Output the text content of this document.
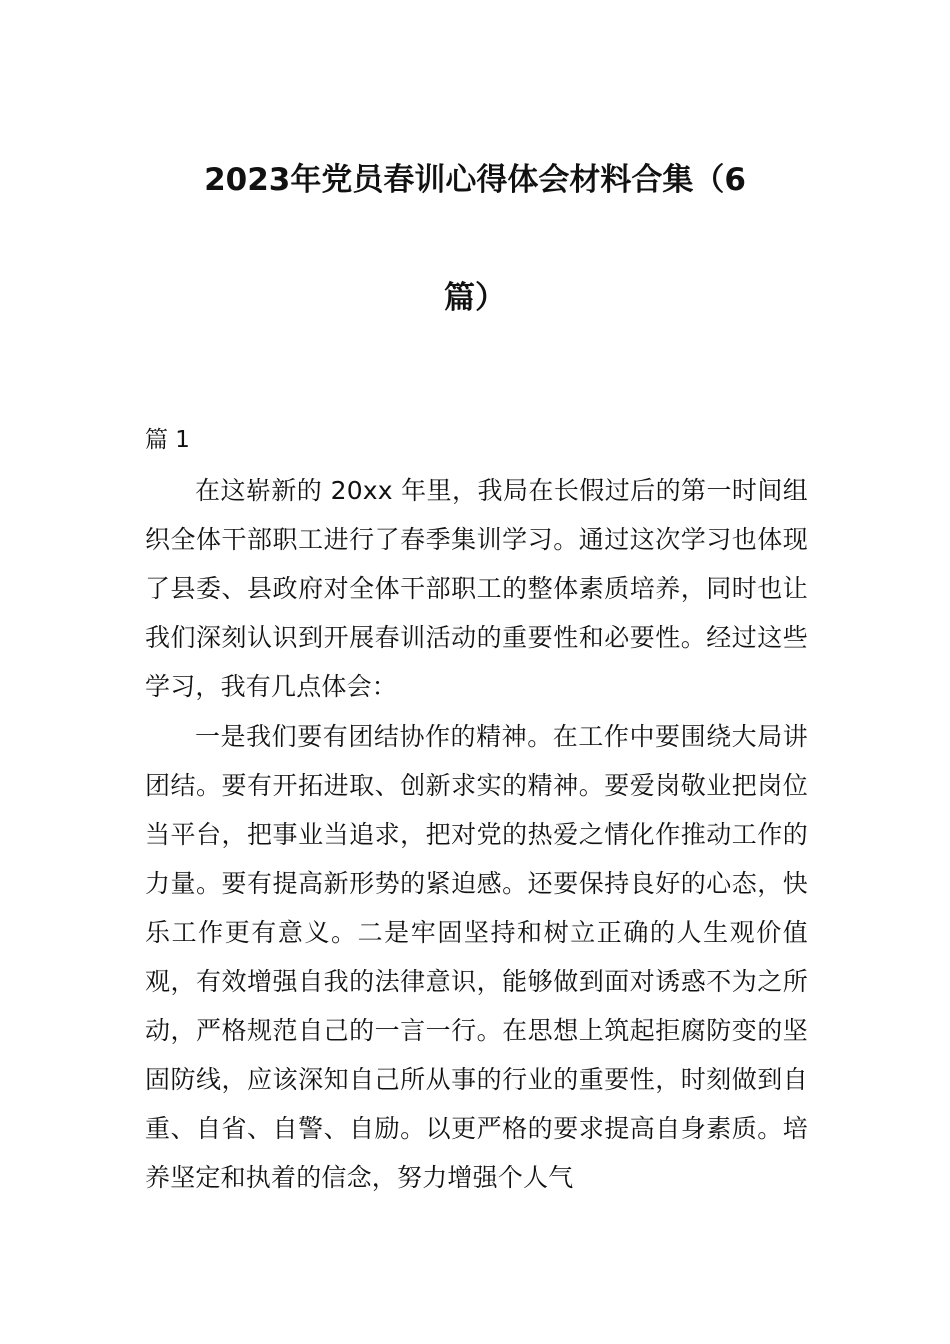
2023年党员春训心得体会材料合集（6
篇）

篇 1

在这崭新的 20xx 年里，我局在长假过后的第一时间组织全体干部职工进行了春季集训学习。通过这次学习也体现了县委、县政府对全体干部职工的整体素质培养，同时也让我们深刻认识到开展春训活动的重要性和必要性。经过这些学习，我有几点体会：

一是我们要有团结协作的精神。在工作中要围绕大局讲团结。要有开拓进取、创新求实的精神。要爱岗敬业把岗位当平台，把事业当追求，把对党的热爱之情化作推动工作的力量。要有提高新形势的紧迫感。还要保持良好的心态，快乐工作更有意义。二是牢固坚持和树立正确的人生观价值观，有效增强自我的法律意识，能够做到面对诱惑不为之所动，严格规范自己的一言一行。在思想上筑起拒腐防变的坚固防线，应该深知自己所从事的行业的重要性，时刻做到自重、自省、自警、自励。以更严格的要求提高自身素质。培养坚定和执着的信念，努力增强个人气
